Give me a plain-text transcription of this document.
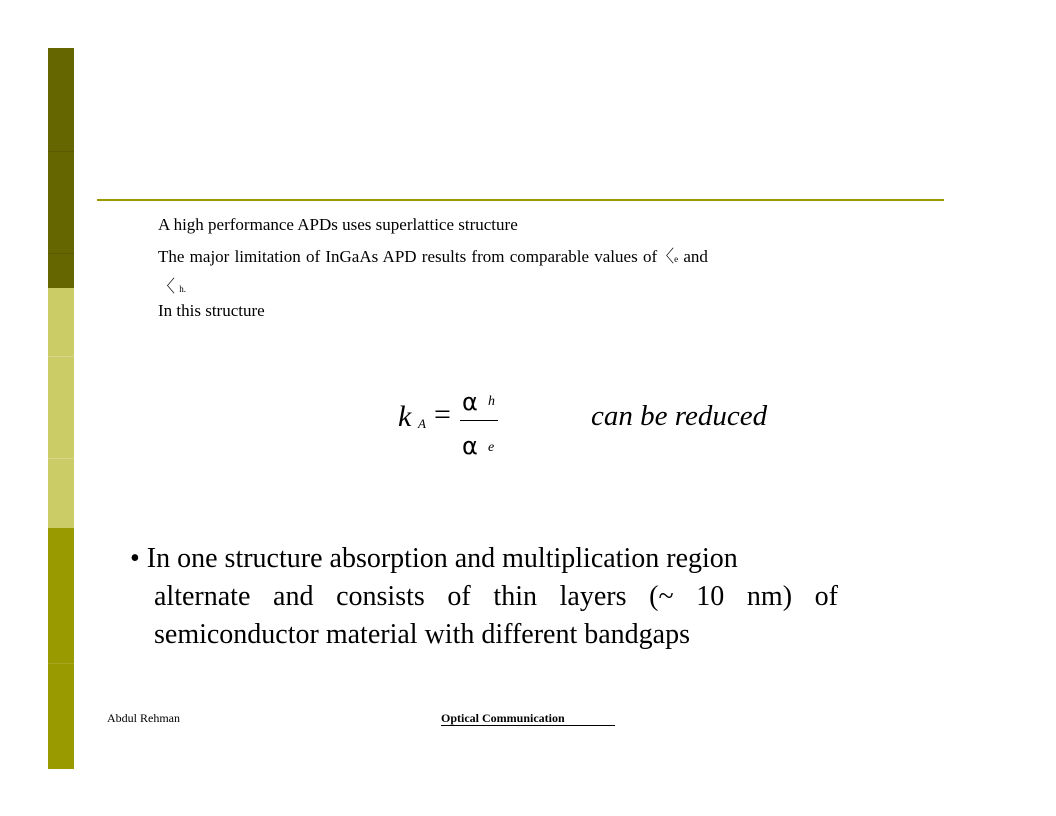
A high performance APDs uses superlattice structure
The major limitation of InGaAs APD results from comparable values of〈e and
〈 h.
In this structure
k A = α h
α e
can be reduced
• In one structure absorption and multiplication region
alternate and consists of thin layers (~ 10 nm) of
semiconductor material with different bandgaps
Abdul Rehman	Optical Communication
